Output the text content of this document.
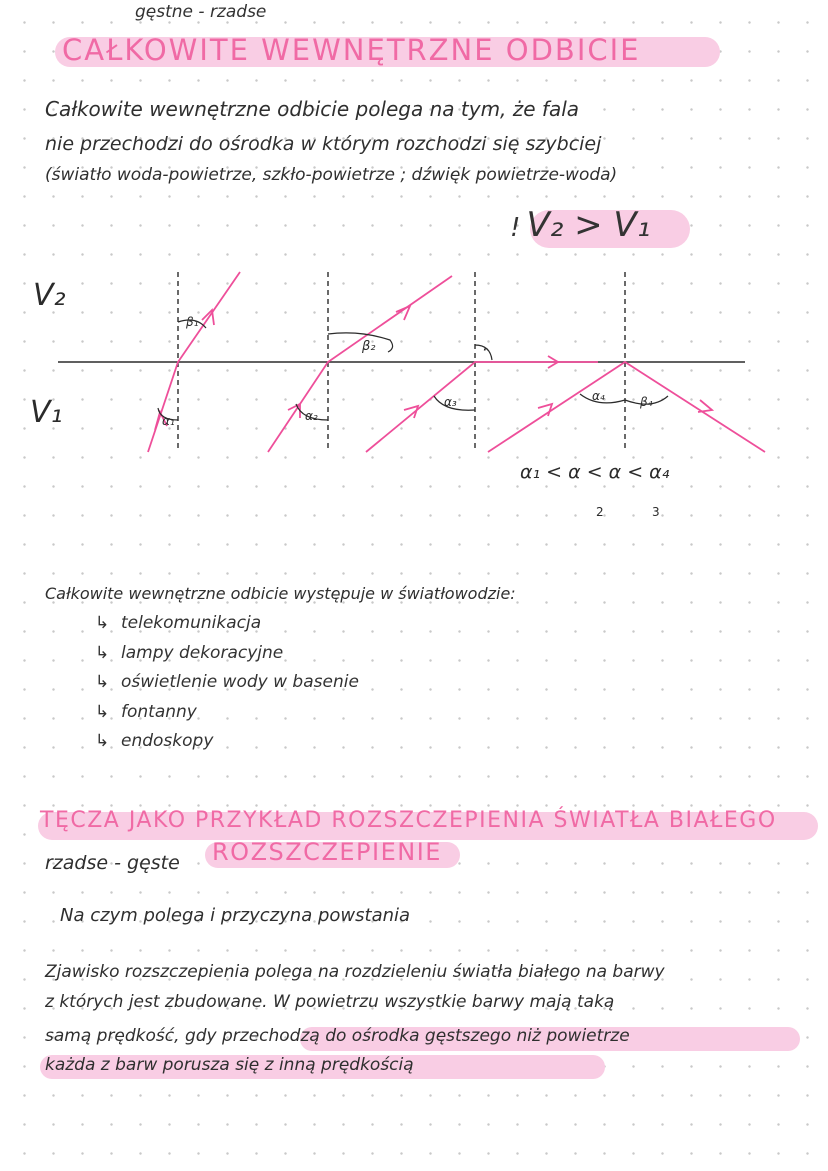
gęstne - rzadse
CAŁKOWITE WEWNĘTRZNE ODBICIE
Całkowite wewnętrzne odbicie polega na tym, że fala
nie przechodzi do ośrodka w którym rozchodzi się szybciej
(światło woda-powietrze, szkło-powietrze ; dźwięk powietrze-woda)
! V₂ > V₁
V₂
V₁
β₁
α₁
β₂
α₂
α₃	α₄	β₄
·
α₁ < α < α < α₄
2	3
Całkowite wewnętrzne odbicie występuje w światłowodzie:
↳ telekomunikacja
↳ lampy dekoracyjne
↳ oświetlenie wody w basenie
↳ fontanny
↳ endoskopy
TĘCZA JAKO PRZYKŁAD ROZSZCZEPIENIA ŚWIATŁA BIAŁEGO
ROZSZCZEPIENIE
rzadse - gęste
Na czym polega i przyczyna powstania
Zjawisko rozszczepienia polega na rozdzieleniu światła białego na barwy
z których jest zbudowane. W powietrzu wszystkie barwy mają taką
samą prędkość, gdy przechodzą do ośrodka gęstszego niż powietrze
każda z barw porusza się z inną prędkością
